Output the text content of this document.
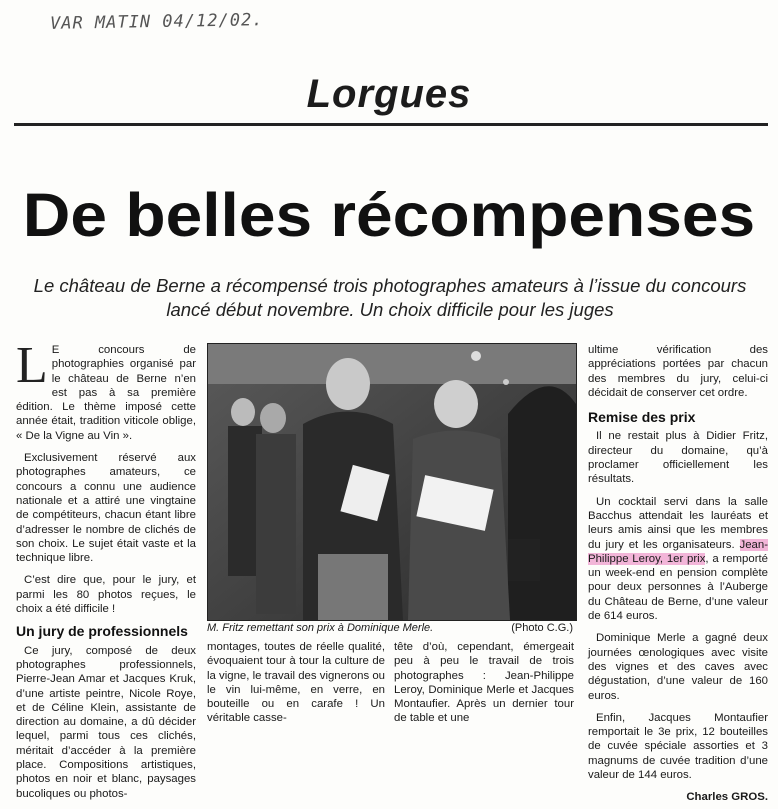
VAR MATIN 04/12/02.
Lorgues
De belles récompenses
Le château de Berne a récompensé trois photographes amateurs à l’issue du concours
lancé début novembre. Un choix difficile pour les juges

L E concours de photographies organisé par le château de Berne n’en est pas à sa première édition. Le thème imposé cette année était, tradition viticole oblige, « De la Vigne au Vin ».

Exclusivement réservé aux photographes amateurs, ce concours a connu une audience nationale et a attiré une vingtaine de compétiteurs, chacun étant libre d’adresser le nombre de clichés de son choix. Le sujet était vaste et la technique libre.

C’est dire que, pour le jury, et parmi les 80 photos reçues, le choix a été difficile !

Un jury de professionnels

Ce jury, composé de deux photographes professionnels, Pierre-Jean Amar et Jacques Kruk, d’une artiste peintre, Nicole Roye, et de Céline Klein, assistante de direction au domaine, a dû décider lequel, parmi tous ces clichés, méritait d’accéder à la première place. Compositions artistiques, photos en noir et blanc, paysages bucoliques ou photos-

M. Fritz remettant son prix à Dominique Merle.	(Photo C.G.)

montages, toutes de réelle qualité, évoquaient tour à tour la culture de la vigne, le travail des vignerons ou le vin lui-même, en verre, en bouteille ou en carafe ! Un véritable casse-

tête d’où, cependant, émergeait peu à peu le travail de trois photographes : Jean-Philippe Leroy, Dominique Merle et Jacques Montaufier. Après un dernier tour de table et une

ultime vérification des appréciations portées par chacun des membres du jury, celui-ci décidait de conserver cet ordre.

Remise des prix

Il ne restait plus à Didier Fritz, directeur du domaine, qu’à proclamer officiellement les résultats.

Un cocktail servi dans la salle Bacchus attendait les lauréats et leurs amis ainsi que les membres du jury et les organisateurs. Jean-Philippe Leroy, 1er prix, a remporté un week-end en pension complète pour deux personnes à l’Auberge du Château de Berne, d’une valeur de 614 euros.

Dominique Merle a gagné deux journées œnologiques avec visite des vignes et des caves avec dégustation, d’une valeur de 160 euros.

Enfin, Jacques Montaufier remportait le 3e prix, 12 bouteilles de cuvée spéciale assorties et 3 magnums de cuvée tradition d’une valeur de 144 euros.

Charles GROS.
